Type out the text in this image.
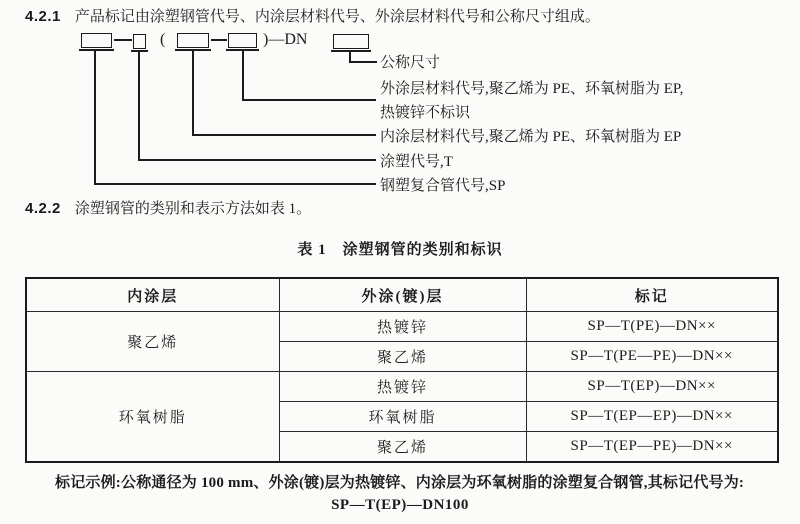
4.2.1 产品标记由涂塑钢管代号、内涂层材料代号、外涂层材料代号和公称尺寸组成。
(	)—DN
公称尺寸
外涂层材料代号,聚乙烯为 PE、环氧树脂为 EP,
热镀锌不标识
内涂层材料代号,聚乙烯为 PE、环氧树脂为 EP
涂塑代号,T
钢塑复合管代号,SP
4.2.2 涂塑钢管的类别和表示方法如表 1。
表 1　涂塑钢管的类别和标识
内涂层	外涂(镀)层	标记
聚乙烯	热镀锌	SP—T(PE)—DN××
	聚乙烯	SP—T(PE—PE)—DN××
环氧树脂	热镀锌	SP—T(EP)—DN××
	环氧树脂	SP—T(EP—EP)—DN××
	聚乙烯	SP—T(EP—PE)—DN××
标记示例:公称通径为 100 mm、外涂(镀)层为热镀锌、内涂层为环氧树脂的涂塑复合钢管,其标记代号为:
SP—T(EP)—DN100
